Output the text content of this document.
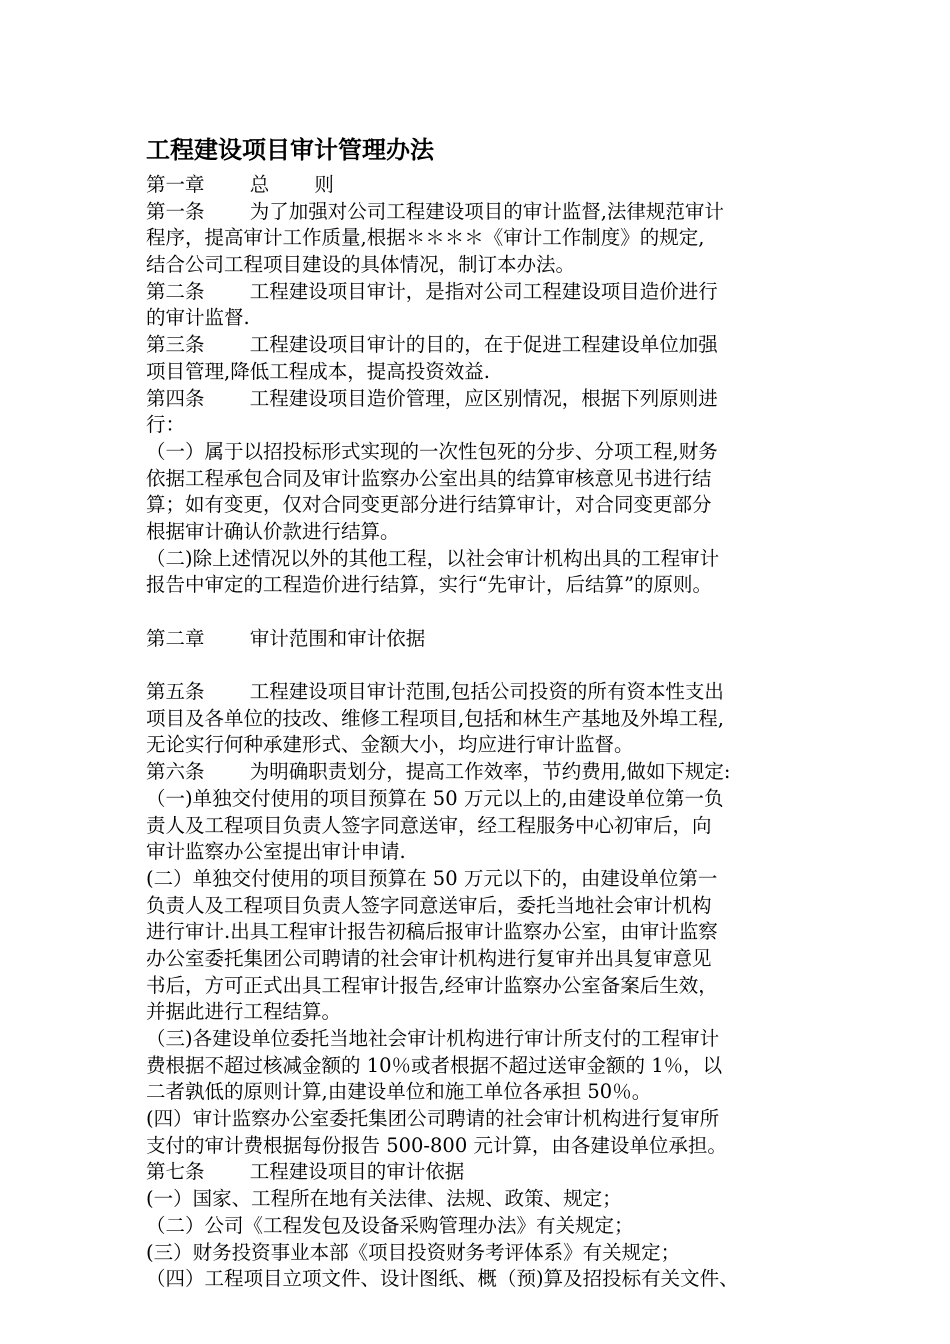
工程建设项目审计管理办法
第一章　　 总　　 则
第一条　　 为了加强对公司工程建设项目的审计监督,法律规范审计
程序，提高审计工作质量,根据＊＊＊＊《审计工作制度》的规定,
结合公司工程项目建设的具体情况，制订本办法。
第二条　　 工程建设项目审计，是指对公司工程建设项目造价进行
的审计监督.
第三条　　 工程建设项目审计的目的，在于促进工程建设单位加强
项目管理,降低工程成本，提高投资效益.
第四条　　 工程建设项目造价管理，应区别情况，根据下列原则进
行：
（一）属于以招投标形式实现的一次性包死的分步、分项工程,财务
依据工程承包合同及审计监察办公室出具的结算审核意见书进行结
算；如有变更，仅对合同变更部分进行结算审计，对合同变更部分
根据审计确认价款进行结算。
（二)除上述情况以外的其他工程，以社会审计机构出具的工程审计
报告中审定的工程造价进行结算，实行“先审计，后结算”的原则。
第二章　　 审计范围和审计依据
第五条　　 工程建设项目审计范围,包括公司投资的所有资本性支出
项目及各单位的技改、维修工程项目,包括和林生产基地及外埠工程,
无论实行何种承建形式、金额大小，均应进行审计监督。
第六条　　 为明确职责划分，提高工作效率，节约费用,做如下规定:
（一)单独交付使用的项目预算在 50 万元以上的,由建设单位第一负
责人及工程项目负责人签字同意送审，经工程服务中心初审后，向
审计监察办公室提出审计申请.
(二）单独交付使用的项目预算在 50 万元以下的，由建设单位第一
负责人及工程项目负责人签字同意送审后，委托当地社会审计机构
进行审计.出具工程审计报告初稿后报审计监察办公室，由审计监察
办公室委托集团公司聘请的社会审计机构进行复审并出具复审意见
书后，方可正式出具工程审计报告,经审计监察办公室备案后生效，
并据此进行工程结算。
（三)各建设单位委托当地社会审计机构进行审计所支付的工程审计
费根据不超过核减金额的 10％或者根据不超过送审金额的 1％，以
二者孰低的原则计算,由建设单位和施工单位各承担 50％。
(四）审计监察办公室委托集团公司聘请的社会审计机构进行复审所
支付的审计费根据每份报告 500-800 元计算，由各建设单位承担。
第七条　　 工程建设项目的审计依据
(一）国家、工程所在地有关法律、法规、政策、规定；
（二）公司《工程发包及设备采购管理办法》有关规定；
(三）财务投资事业本部《项目投资财务考评体系》有关规定；
（四）工程项目立项文件、设计图纸、概（预)算及招投标有关文件、
